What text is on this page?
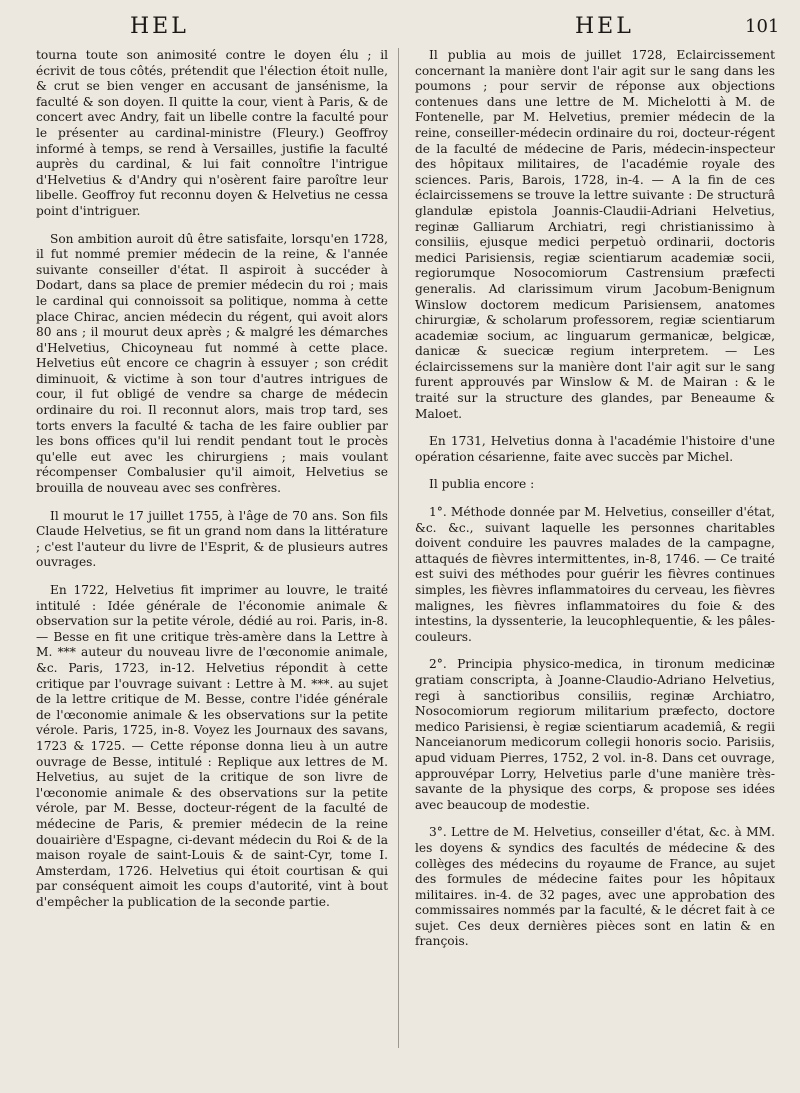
HEL	HEL	101

tourna toute son animosité contre le doyen élu ; il écrivit de tous côtés, prétendit que l'élection étoit nulle, & crut se bien venger en accusant de jansénisme, la faculté & son doyen. Il quitte la cour, vient à Paris, & de concert avec Andry, fait un libelle contre la faculté pour le présenter au cardinal-ministre (Fleury.) Geoffroy informé à temps, se rend à Versailles, justifie la faculté auprès du cardinal, & lui fait connoître l'intrigue d'Helvetius & d'Andry qui n'osèrent faire paroître leur libelle. Geoffroy fut reconnu doyen & Helvetius ne cessa point d'intriguer.

Son ambition auroit dû être satisfaite, lorsqu'en 1728, il fut nommé premier médecin de la reine, & l'année suivante conseiller d'état. Il aspiroit à succéder à Dodart, dans sa place de premier médecin du roi ; mais le cardinal qui connoissoit sa politique, nomma à cette place Chirac, ancien médecin du régent, qui avoit alors 80 ans ; il mourut deux après ; & malgré les démarches d'Helvetius, Chicoyneau fut nommé à cette place. Helvetius eût encore ce chagrin à essuyer ; son crédit diminuoit, & victime à son tour d'autres intrigues de cour, il fut obligé de vendre sa charge de médecin ordinaire du roi. Il reconnut alors, mais trop tard, ses torts envers la faculté & tacha de les faire oublier par les bons offices qu'il lui rendit pendant tout le procès qu'elle eut avec les chirurgiens ; mais voulant récompenser Combalusier qu'il aimoit, Helvetius se brouilla de nouveau avec ses confrères.

Il mourut le 17 juillet 1755, à l'âge de 70 ans. Son fils Claude Helvetius, se fit un grand nom dans la littérature ; c'est l'auteur du livre de l'Esprit, & de plusieurs autres ouvrages.

En 1722, Helvetius fit imprimer au louvre, le traité intitulé : Idée générale de l'économie animale & observation sur la petite vérole, dédié au roi. Paris, in-8. — Besse en fit une critique très-amère dans la Lettre à M. *** auteur du nouveau livre de l'œconomie animale, &c. Paris, 1723, in-12. Helvetius répondit à cette critique par l'ouvrage suivant : Lettre à M. ***. au sujet de la lettre critique de M. Besse, contre l'idée générale de l'œconomie animale & les observations sur la petite vérole. Paris, 1725, in-8. Voyez les Journaux des savans, 1723 & 1725. — Cette réponse donna lieu à un autre ouvrage de Besse, intitulé : Replique aux lettres de M. Helvetius, au sujet de la critique de son livre de l'œconomie animale & des observations sur la petite vérole, par M. Besse, docteur-régent de la faculté de médecine de Paris, & premier médecin de la reine douairière d'Espagne, ci-devant médecin du Roi & de la maison royale de saint-Louis & de saint-Cyr, tome I. Amsterdam, 1726. Helvetius qui étoit courtisan & qui par conséquent aimoit les coups d'autorité, vint à bout d'empêcher la publication de la seconde partie.

Il publia au mois de juillet 1728, Eclaircissement concernant la manière dont l'air agit sur le sang dans les poumons ; pour servir de réponse aux objections contenues dans une lettre de M. Michelotti à M. de Fontenelle, par M. Helvetius, premier médecin de la reine, conseiller-médecin ordinaire du roi, docteur-régent de la faculté de médecine de Paris, médecin-inspecteur des hôpitaux militaires, de l'académie royale des sciences. Paris, Barois, 1728, in-4. — A la fin de ces éclaircissemens se trouve la lettre suivante : De structurâ glandulæ epistola Joannis-Claudii-Adriani Helvetius, reginæ Galliarum Archiatri, regi christianissimo à consiliis, ejusque medici perpetuò ordinarii, doctoris medici Parisiensis, regiæ scientiarum academiæ socii, regiorumque Nosocomiorum Castrensium præfecti generalis. Ad clarissimum virum Jacobum-Benignum Winslow doctorem medicum Parisiensem, anatomes chirurgiæ, & scholarum professorem, regiæ scientiarum academiæ socium, ac linguarum germanicæ, belgicæ, danicæ & suecicæ regium interpretem. — Les éclaircissemens sur la manière dont l'air agit sur le sang furent approuvés par Winslow & M. de Mairan : & le traité sur la structure des glandes, par Beneaume & Maloet.

En 1731, Helvetius donna à l'académie l'histoire d'une opération césarienne, faite avec succès par Michel.

Il publia encore :

1°. Méthode donnée par M. Helvetius, conseiller d'état, &c. &c., suivant laquelle les personnes charitables doivent conduire les pauvres malades de la campagne, attaqués de fièvres intermittentes, in-8, 1746. — Ce traité est suivi des méthodes pour guérir les fièvres continues simples, les fièvres inflammatoires du cerveau, les fièvres malignes, les fièvres inflammatoires du foie & des intestins, la dyssenterie, la leucophlequentie, & les pâles-couleurs.

2°. Principia physico-medica, in tironum medicinæ gratiam conscripta, à Joanne-Claudio-Adriano Helvetius, regi à sanctioribus consiliis, reginæ Archiatro, Nosocomiorum regiorum militarium præfecto, doctore medico Parisiensi, è regiæ scientiarum academiâ, & regii Nanceianorum medicorum collegii honoris socio. Parisiis, apud viduam Pierres, 1752, 2 vol. in-8. Dans cet ouvrage, approuvépar Lorry, Helvetius parle d'une manière très-savante de la physique des corps, & propose ses idées avec beaucoup de modestie.

3°. Lettre de M. Helvetius, conseiller d'état, &c. à MM. les doyens & syndics des facultés de médecine & des collèges des médecins du royaume de France, au sujet des formules de médecine faites pour les hôpitaux militaires. in-4. de 32 pages, avec une approbation des commissaires nommés par la faculté, & le décret fait à ce sujet. Ces deux dernières pièces sont en latin & en françois.
